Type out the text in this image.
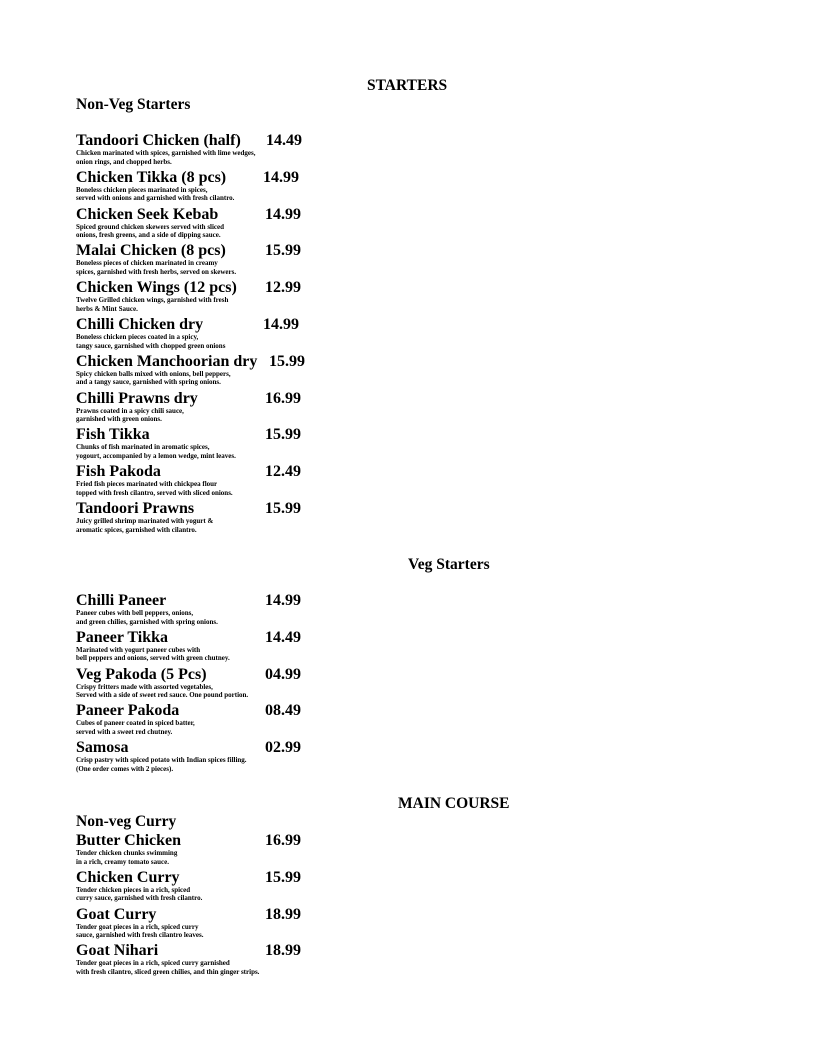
STARTERS
Non-Veg Starters
Tandoori Chicken (half) 14.49
Chicken marinated with spices, garnished with lime wedges,
onion rings, and chopped herbs.
Chicken Tikka (8 pcs) 14.99
Boneless chicken pieces marinated in spices,
served with onions and garnished with fresh cilantro.
Chicken Seek Kebab	14.99
Spiced ground chicken skewers served with sliced
onions, fresh greens, and a side of dipping sauce.
Malai Chicken (8 pcs) 15.99
Boneless pieces of chicken marinated in creamy
spices, garnished with fresh herbs, served on skewers.
Chicken Wings (12 pcs) 12.99
Twelve Grilled chicken wings, garnished with fresh
herbs & Mint Sauce.
Chilli Chicken dry	14.99
Boneless chicken pieces coated in a spicy,
tangy sauce, garnished with chopped green onions
Chicken Manchoorian dry 15.99
Spicy chicken balls mixed with onions, bell peppers,
and a tangy sauce, garnished with spring onions.
Chilli Prawns dry	16.99
Prawns coated in a spicy chili sauce,
garnished with green onions.
Fish Tikka	15.99
Chunks of fish marinated in aromatic spices,
yogourt, accompanied by a lemon wedge, mint leaves.
Fish Pakoda	12.49
Fried fish pieces marinated with chickpea flour
topped with fresh cilantro, served with sliced onions.
Tandoori Prawns	15.99
Juicy grilled shrimp marinated with yogurt &
aromatic spices, garnished with cilantro.
Veg Starters
Chilli Paneer	14.99
Paneer cubes with bell peppers, onions,
and green chilies, garnished with spring onions.
Paneer Tikka	14.49
Marinated with yogurt paneer cubes with
bell peppers and onions, served with green chutney.
Veg Pakoda (5 Pcs)	04.99
Crispy fritters made with assorted vegetables,
Served with a side of sweet red sauce. One pound portion.
Paneer Pakoda	08.49
Cubes of paneer coated in spiced batter,
served with a sweet red chutney.
Samosa	02.99
Crisp pastry with spiced potato with Indian spices filling.
(One order comes with 2 pieces).
MAIN COURSE
Non-veg Curry
Butter Chicken	16.99
Tender chicken chunks swimming
in a rich, creamy tomato sauce.
Chicken Curry	15.99
Tender chicken pieces in a rich, spiced
curry sauce, garnished with fresh cilantro.
Goat Curry	18.99
Tender goat pieces in a rich, spiced curry
sauce, garnished with fresh cilantro leaves.
Goat Nihari	18.99
Tender goat pieces in a rich, spiced curry garnished
with fresh cilantro, sliced green chilies, and thin ginger strips.
